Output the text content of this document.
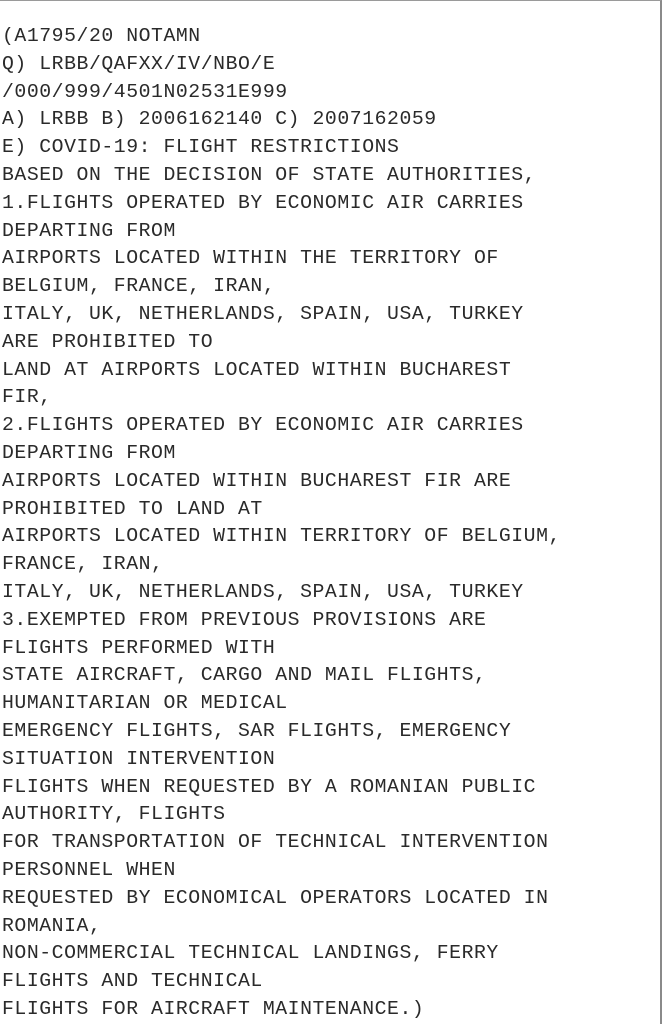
(A1795/20 NOTAMN
Q) LRBB/QAFXX/IV/NBO/E
/000/999/4501N02531E999
A) LRBB B) 2006162140 C) 2007162059
E) COVID-19: FLIGHT RESTRICTIONS
BASED ON THE DECISION OF STATE AUTHORITIES,
1.FLIGHTS OPERATED BY ECONOMIC AIR CARRIES
DEPARTING FROM
AIRPORTS LOCATED WITHIN THE TERRITORY OF
BELGIUM, FRANCE, IRAN,
ITALY, UK, NETHERLANDS, SPAIN, USA, TURKEY
ARE PROHIBITED TO
LAND AT AIRPORTS LOCATED WITHIN BUCHAREST
FIR,
2.FLIGHTS OPERATED BY ECONOMIC AIR CARRIES
DEPARTING FROM
AIRPORTS LOCATED WITHIN BUCHAREST FIR ARE
PROHIBITED TO LAND AT
AIRPORTS LOCATED WITHIN TERRITORY OF BELGIUM,
FRANCE, IRAN,
ITALY, UK, NETHERLANDS, SPAIN, USA, TURKEY
3.EXEMPTED FROM PREVIOUS PROVISIONS ARE
FLIGHTS PERFORMED WITH
STATE AIRCRAFT, CARGO AND MAIL FLIGHTS,
HUMANITARIAN OR MEDICAL
EMERGENCY FLIGHTS, SAR FLIGHTS, EMERGENCY
SITUATION INTERVENTION
FLIGHTS WHEN REQUESTED BY A ROMANIAN PUBLIC
AUTHORITY, FLIGHTS
FOR TRANSPORTATION OF TECHNICAL INTERVENTION
PERSONNEL WHEN
REQUESTED BY ECONOMICAL OPERATORS LOCATED IN
ROMANIA,
NON-COMMERCIAL TECHNICAL LANDINGS, FERRY
FLIGHTS AND TECHNICAL
FLIGHTS FOR AIRCRAFT MAINTENANCE.)
